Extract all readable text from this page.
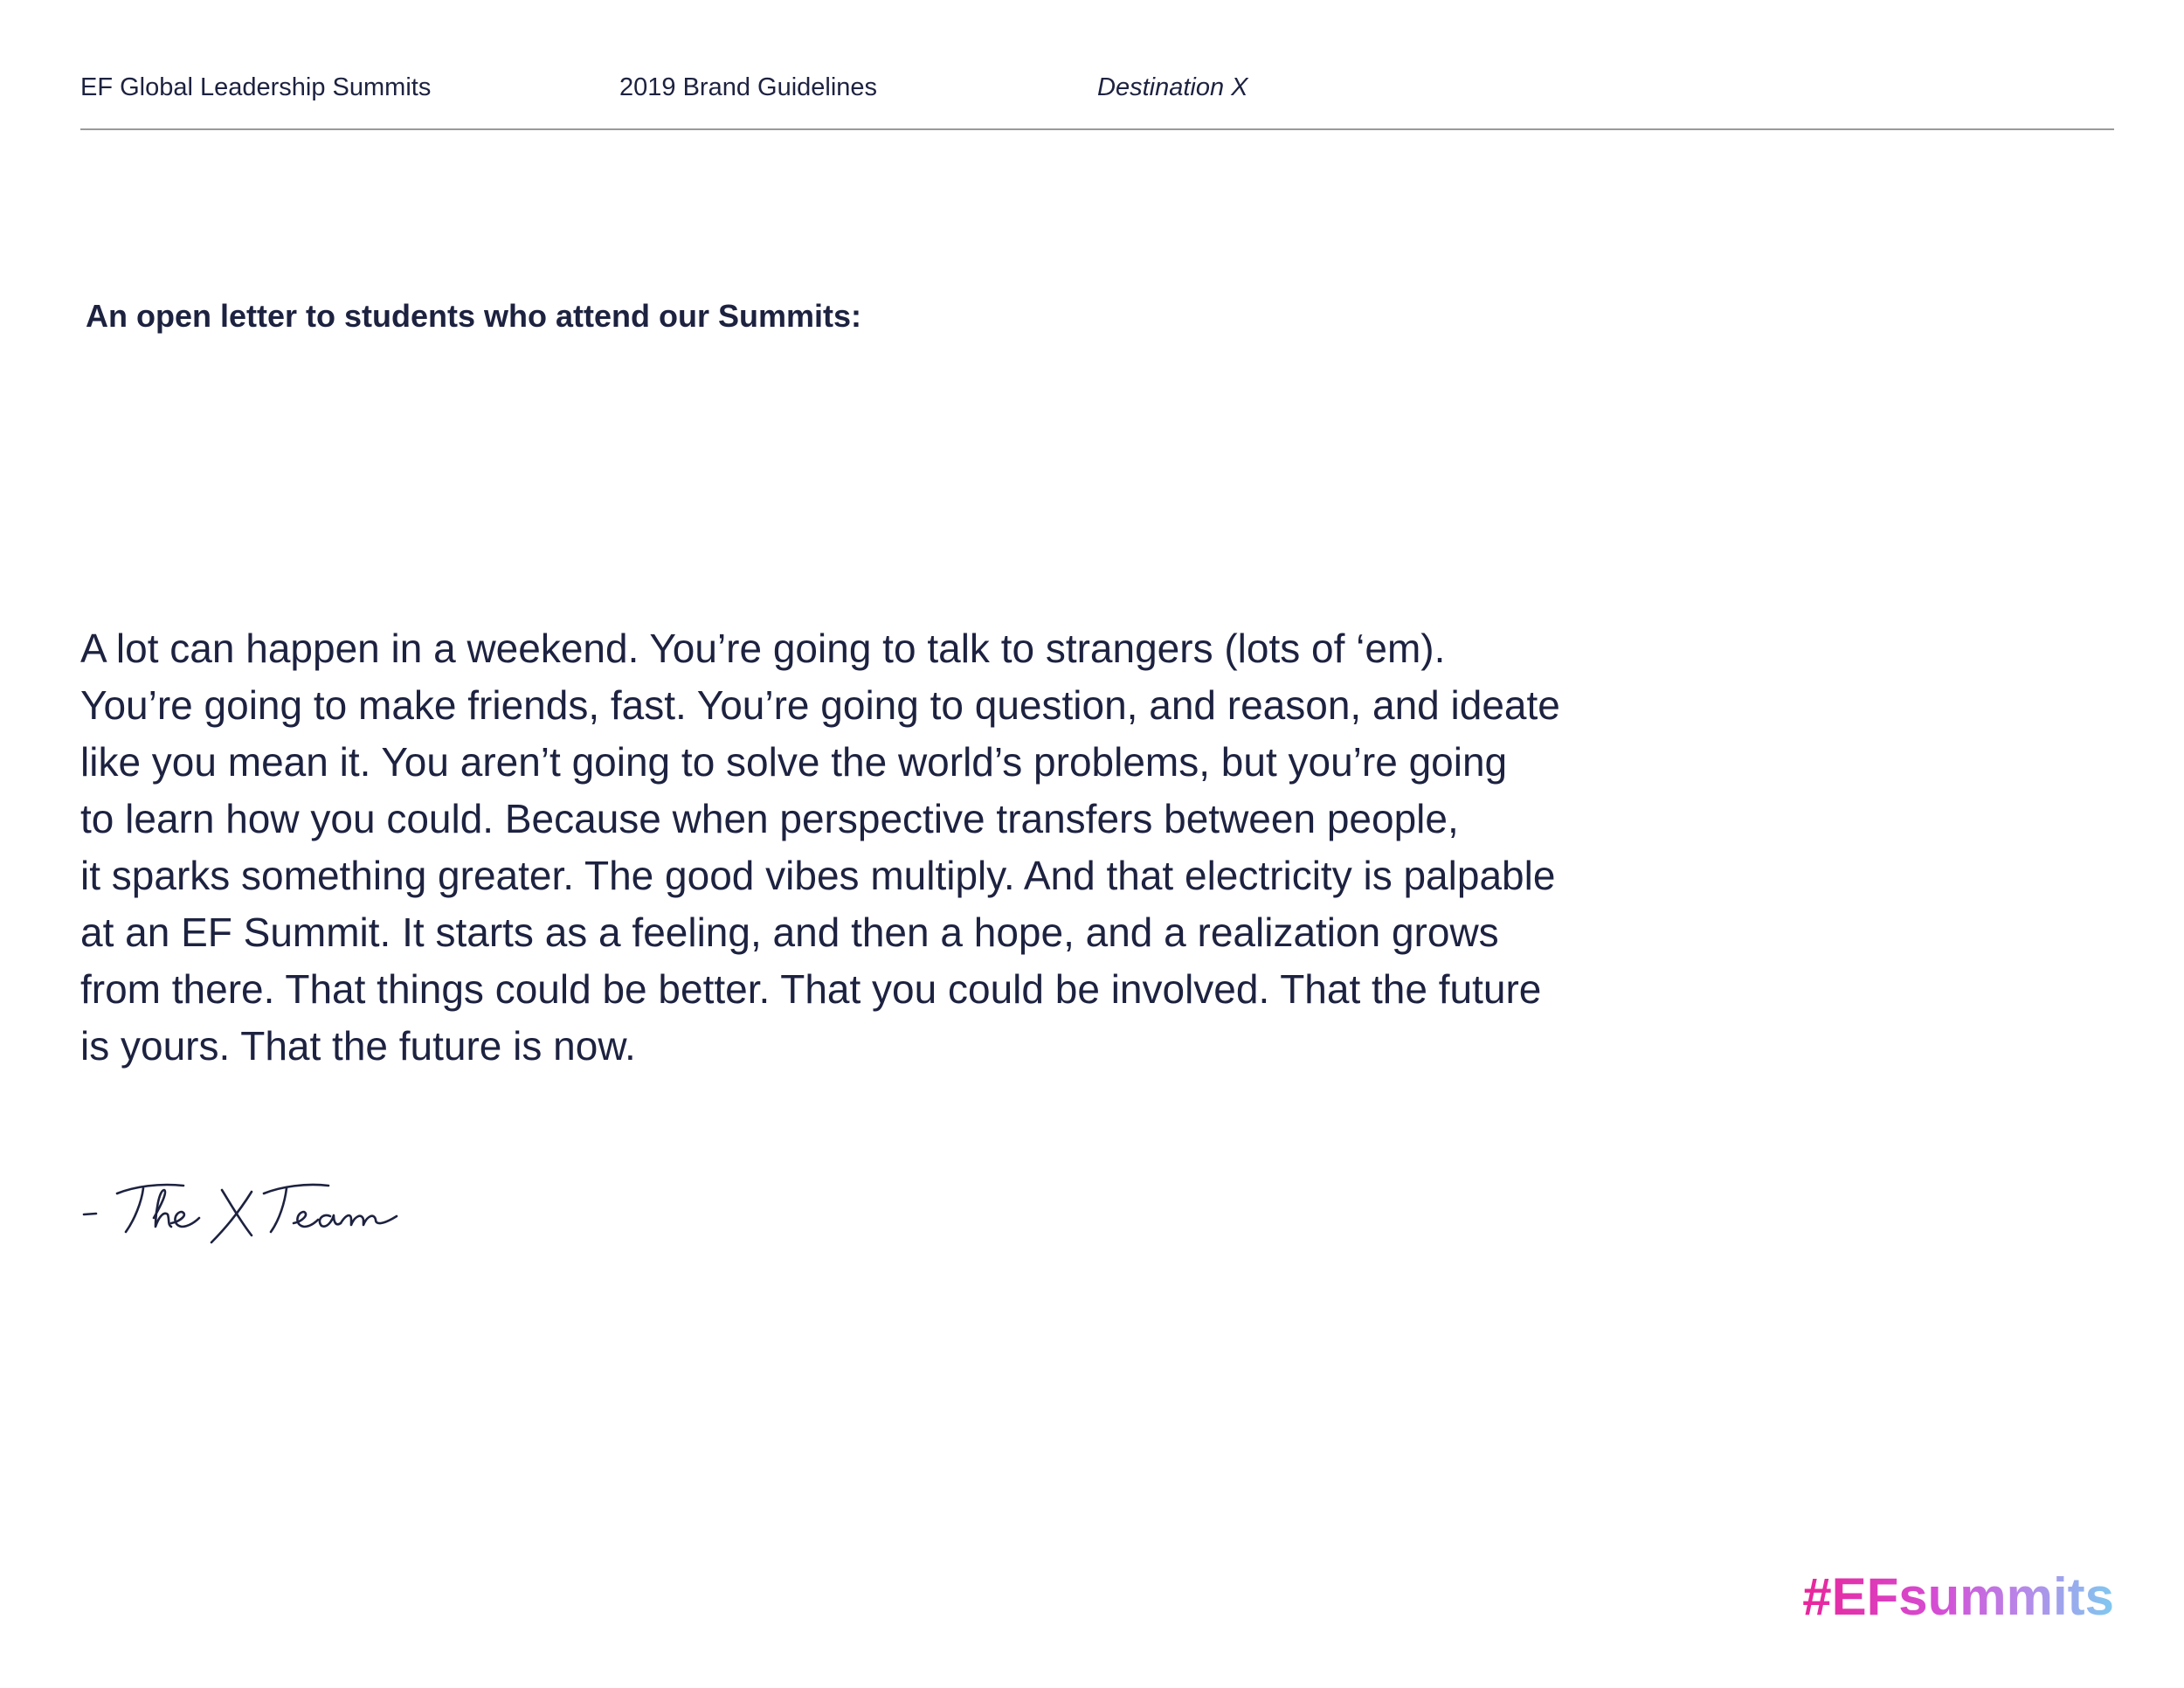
EF Global Leadership Summits	2019 Brand Guidelines	Destination X
An open letter to students who attend our Summits:
A lot can happen in a weekend. You’re going to talk to strangers (lots of ‘em).
You’re going to make friends, fast. You’re going to question, and reason, and ideate
like you mean it. You aren’t going to solve the world’s problems, but you’re going
to learn how you could. Because when perspective transfers between people,
it sparks something greater. The good vibes multiply. And that electricity is palpable
at an EF Summit. It starts as a feeling, and then a hope, and a realization grows
from there. That things could be better. That you could be involved. That the future
is yours. That the future is now.
#EFsummits
